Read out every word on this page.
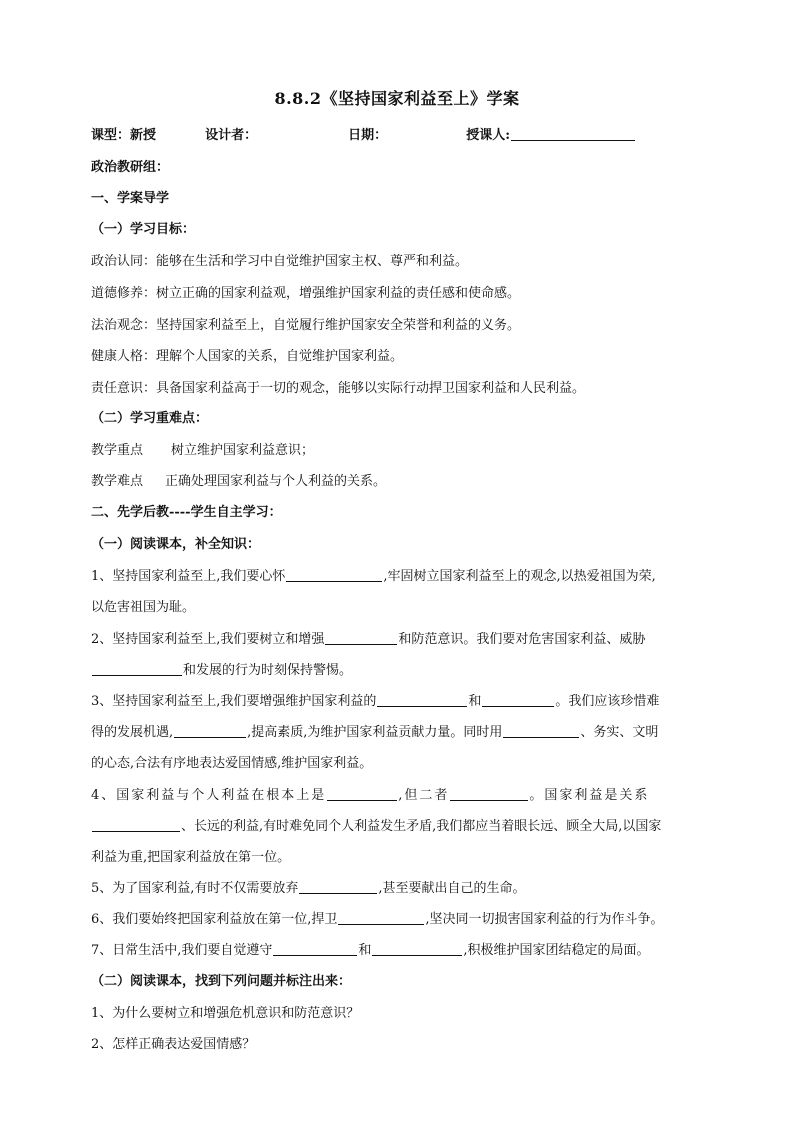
8.8.2《坚持国家利益至上》学案
课型：新授	设计者：	日期：	授课人:
政治教研组：
一、学案导学
（一）学习目标：
政治认同：能够在生活和学习中自觉维护国家主权、尊严和利益。
道德修养：树立正确的国家利益观，增强维护国家利益的责任感和使命感。
法治观念：坚持国家利益至上，自觉履行维护国家安全荣誉和利益的义务。
健康人格：理解个人国家的关系，自觉维护国家利益。
责任意识：具备国家利益高于一切的观念，能够以实际行动捍卫国家利益和人民利益。
（二）学习重难点：
教学重点 树立维护国家利益意识；
教学难点 正确处理国家利益与个人利益的关系。
二、先学后教----学生自主学习：
（一）阅读课本，补全知识：
1、坚持国家利益至上,我们要心怀	,牢固树立国家利益至上的观念,以热爱祖国为荣,
以危害祖国为耻。
2、坚持国家利益至上,我们要树立和增强	和防范意识。我们要对危害国家利益、威胁
和发展的行为时刻保持警惕。
3、坚持国家利益至上,我们要增强维护国家利益的	和	。我们应该珍惜难
得的发展机遇,	,提高素质,为维护国家利益贡献力量。同时用	、务实、文明
的心态,合法有序地表达爱国情感,维护国家利益。
4、国家利益与个人利益在根本上是	,但二者	。国家利益是关系
、长远的利益,有时难免同个人利益发生矛盾,我们都应当着眼长远、顾全大局,以国家
利益为重,把国家利益放在第一位。
5、为了国家利益,有时不仅需要放弃	,甚至要献出自己的生命。
6、我们要始终把国家利益放在第一位,捍卫	,坚决同一切损害国家利益的行为作斗争。
7、日常生活中,我们要自觉遵守	和	,积极维护国家团结稳定的局面。
（二）阅读课本，找到下列问题并标注出来：
1、为什么要树立和增强危机意识和防范意识？
2、怎样正确表达爱国情感？
